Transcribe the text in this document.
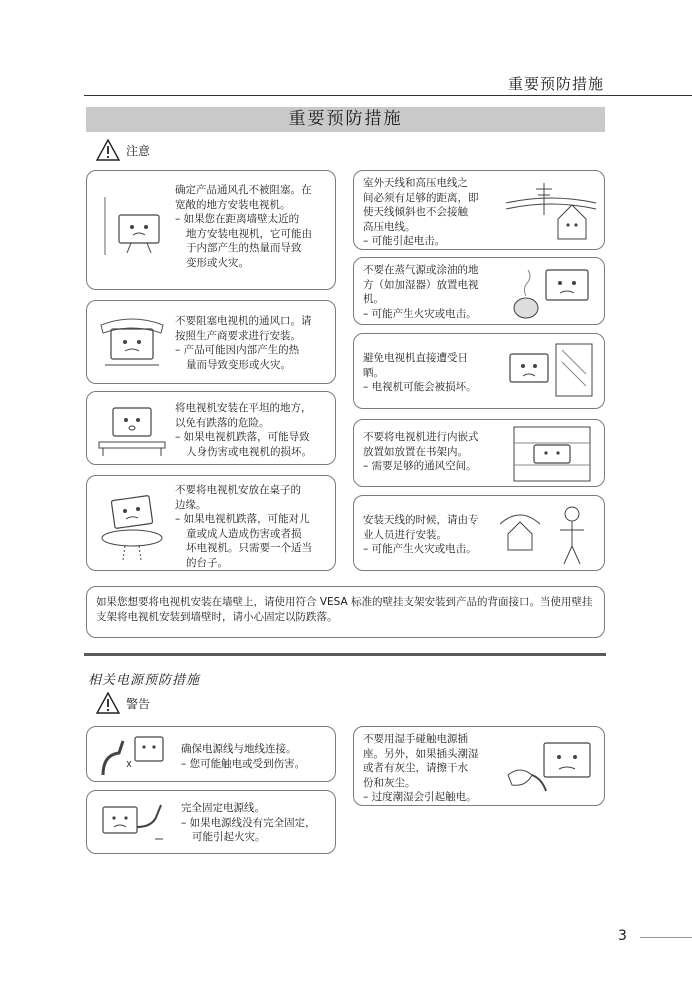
重要预防措施
重要预防措施
注意

确定产品通风孔不被阻塞。在

宽敞的地方安装电视机。

– 如果您在距离墙壁太近的

地方安装电视机，它可能由

于内部产生的热量而导致

变形或火灾。

不要阻塞电视机的通风口。请

按照生产商要求进行安装。

– 产品可能因内部产生的热

量而导致变形或火灾。

将电视机安装在平坦的地方，

以免有跌落的危险。

– 如果电视机跌落，可能导致

人身伤害或电视机的损坏。

不要将电视机安放在桌子的

边缘。

– 如果电视机跌落，可能对儿

童或成人造成伤害或者损

坏电视机。只需要一个适当

的台子。

室外天线和高压电线之

间必须有足够的距离，即

使天线倾斜也不会接触

高压电线。

– 可能引起电击。

不要在蒸气源或涂油的地

方（如加湿器）放置电视

机。

– 可能产生火灾或电击。

避免电视机直接遭受日

晒。

– 电视机可能会被损坏。

不要将电视机进行内嵌式

放置如放置在书架内。

– 需要足够的通风空间。

安装天线的时候，请由专

业人员进行安装。

– 可能产生火灾或电击。

如果您想要将电视机安装在墙壁上，请使用符合 VESA 标准的壁挂支架安装到产品的背面接口。当使用壁挂支架将电视机安装到墙壁时，请小心固定以防跌落。
相关电源预防措施
警告

确保电源线与地线连接。

– 您可能触电或受到伤害。

完全固定电源线。

– 如果电源线没有完全固定，

可能引起火灾。

不要用湿手碰触电源插

座。另外，如果插头潮湿

或者有灰尘，请擦干水

份和灰尘。

– 过度潮湿会引起触电。

3
